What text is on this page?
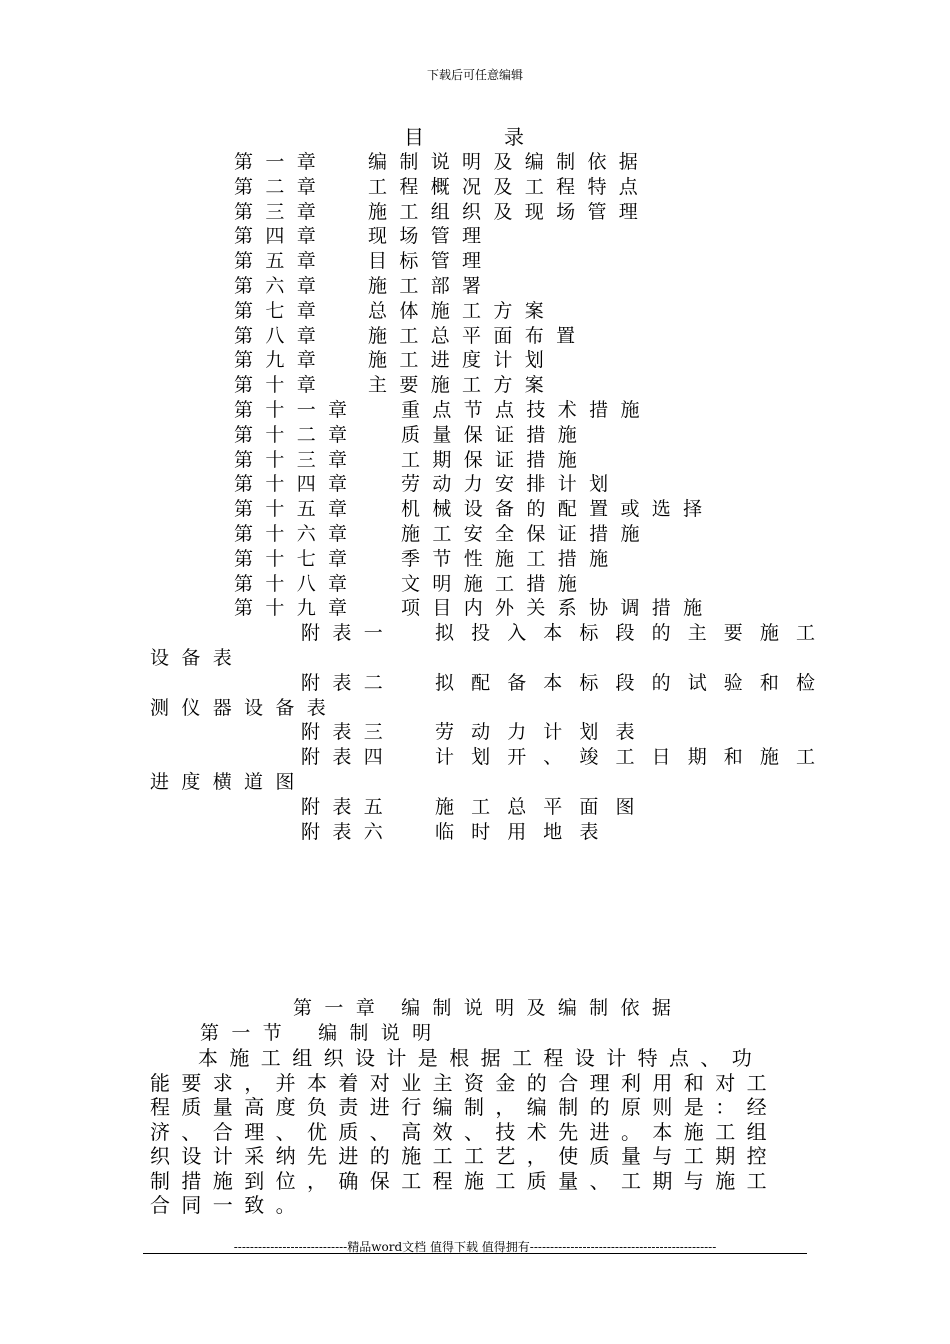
下载后可任意编辑
目　　　　录
第一章 编制说明及编制依据
第二章 工程概况及工程特点
第三章 施工组织及现场管理
第四章 现场管理
第五章 目标管理
第六章 施工部署
第七章 总体施工方案
第八章 施工总平面布置
第九章 施工进度计划
第十章 主要施工方案
第十一章 重点节点技术措施
第十二章 质量保证措施
第十三章 工期保证措施
第十四章 劳动力安排计划
第十五章 机械设备的配置或选择
第十六章 施工安全保证措施
第十七章 季节性施工措施
第十八章 文明施工措施
第十九章 项目内外关系协调措施
附表一 拟投入本标段的主要施工
设备表
附表二 拟配备本标段的试验和检
测仪器设备表
附表三 劳动力计划表
附表四 计划开、竣工日期和施工
进度横道图
附表五 施工总平面图
附表六 临时用地表
第一章 编制说明及编制依据
第一节 编制说明

本施工组织设计是根据工程设计特点、功能要求，并本着对业主资金的合理利用和对工程质量高度负责进行编制，编制的原则是：经济、合理、优质、高效、技术先进。本施工组织设计采纳先进的施工工艺，使质量与工期控制措施到位，确保工程施工质量、工期与施工合同一致。

----------------------------精品word文档 值得下载 值得拥有----------------------------------------------
